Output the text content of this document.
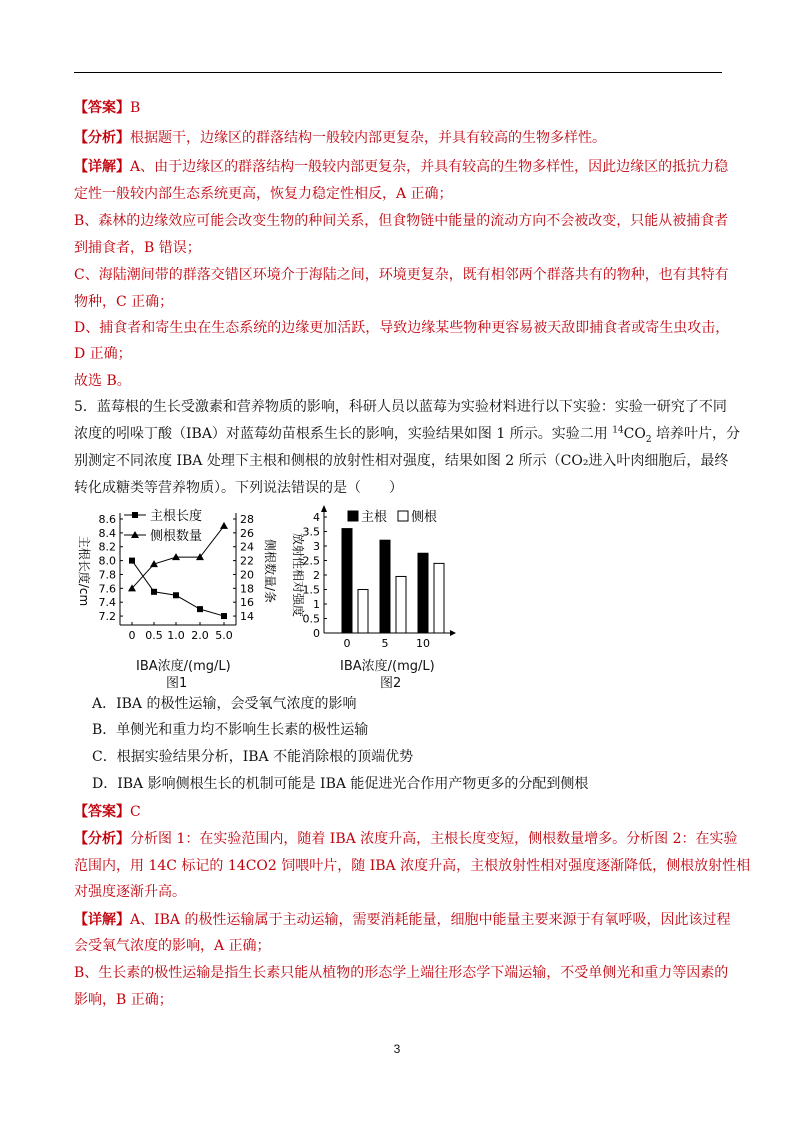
【答案】B
【分析】根据题干，边缘区的群落结构一般较内部更复杂，并具有较高的生物多样性。
【详解】A、由于边缘区的群落结构一般较内部更复杂，并具有较高的生物多样性，因此边缘区的抵抗力稳
定性一般较内部生态系统更高，恢复力稳定性相反，A 正确；
B、森林的边缘效应可能会改变生物的种间关系，但食物链中能量的流动方向不会被改变，只能从被捕食者
到捕食者，B 错误；
C、海陆潮间带的群落交错区环境介于海陆之间，环境更复杂，既有相邻两个群落共有的物种，也有其特有
物种，C 正确；
D、捕食者和寄生虫在生态系统的边缘更加活跃，导致边缘某些物种更容易被天敌即捕食者或寄生虫攻击，
D 正确；
故选 B。
5．蓝莓根的生长受激素和营养物质的影响，科研人员以蓝莓为实验材料进行以下实验：实验一研究了不同
浓度的吲哚丁酸（IBA）对蓝莓幼苗根系生长的影响，实验结果如图 1 所示。实验二用 $^{14}CO_2$ 培养叶片，分
别测定不同浓度 IBA 处理下主根和侧根的放射性相对强度，结果如图 2 所示（CO₂进入叶肉细胞后，最终
转化成糖类等营养物质）。下列说法错误的是（　　）
7.2
7.4
7.6
7.8
8.0
8.2
8.4
8.6
14
16
18
20
22
24
26
28
0 0.5 1.0 2.0 5.0
主根长度/cm	侧根数量/条
主根长度
侧根数量
IBA浓度/(mg/L)
图1
0
0.5
1
1.5
2
2.5
3
3.5
4
放射性相对强度
0	5	10
主根 侧根
IBA浓度/(mg/L)
图2
A．IBA 的极性运输，会受氧气浓度的影响
B．单侧光和重力均不影响生长素的极性运输
C．根据实验结果分析，IBA 不能消除根的顶端优势
D．IBA 影响侧根生长的机制可能是 IBA 能促进光合作用产物更多的分配到侧根
【答案】C
【分析】分析图 1：在实验范围内，随着 IBA 浓度升高，主根长度变短，侧根数量增多。分析图 2：在实验
范围内，用 14C 标记的 14CO2 饲喂叶片，随 IBA 浓度升高，主根放射性相对强度逐渐降低，侧根放射性相
对强度逐渐升高。
【详解】A、IBA 的极性运输属于主动运输，需要消耗能量，细胞中能量主要来源于有氧呼吸，因此该过程
会受氧气浓度的影响，A 正确；
B、生长素的极性运输是指生长素只能从植物的形态学上端往形态学下端运输，不受单侧光和重力等因素的
影响，B 正确；
3
